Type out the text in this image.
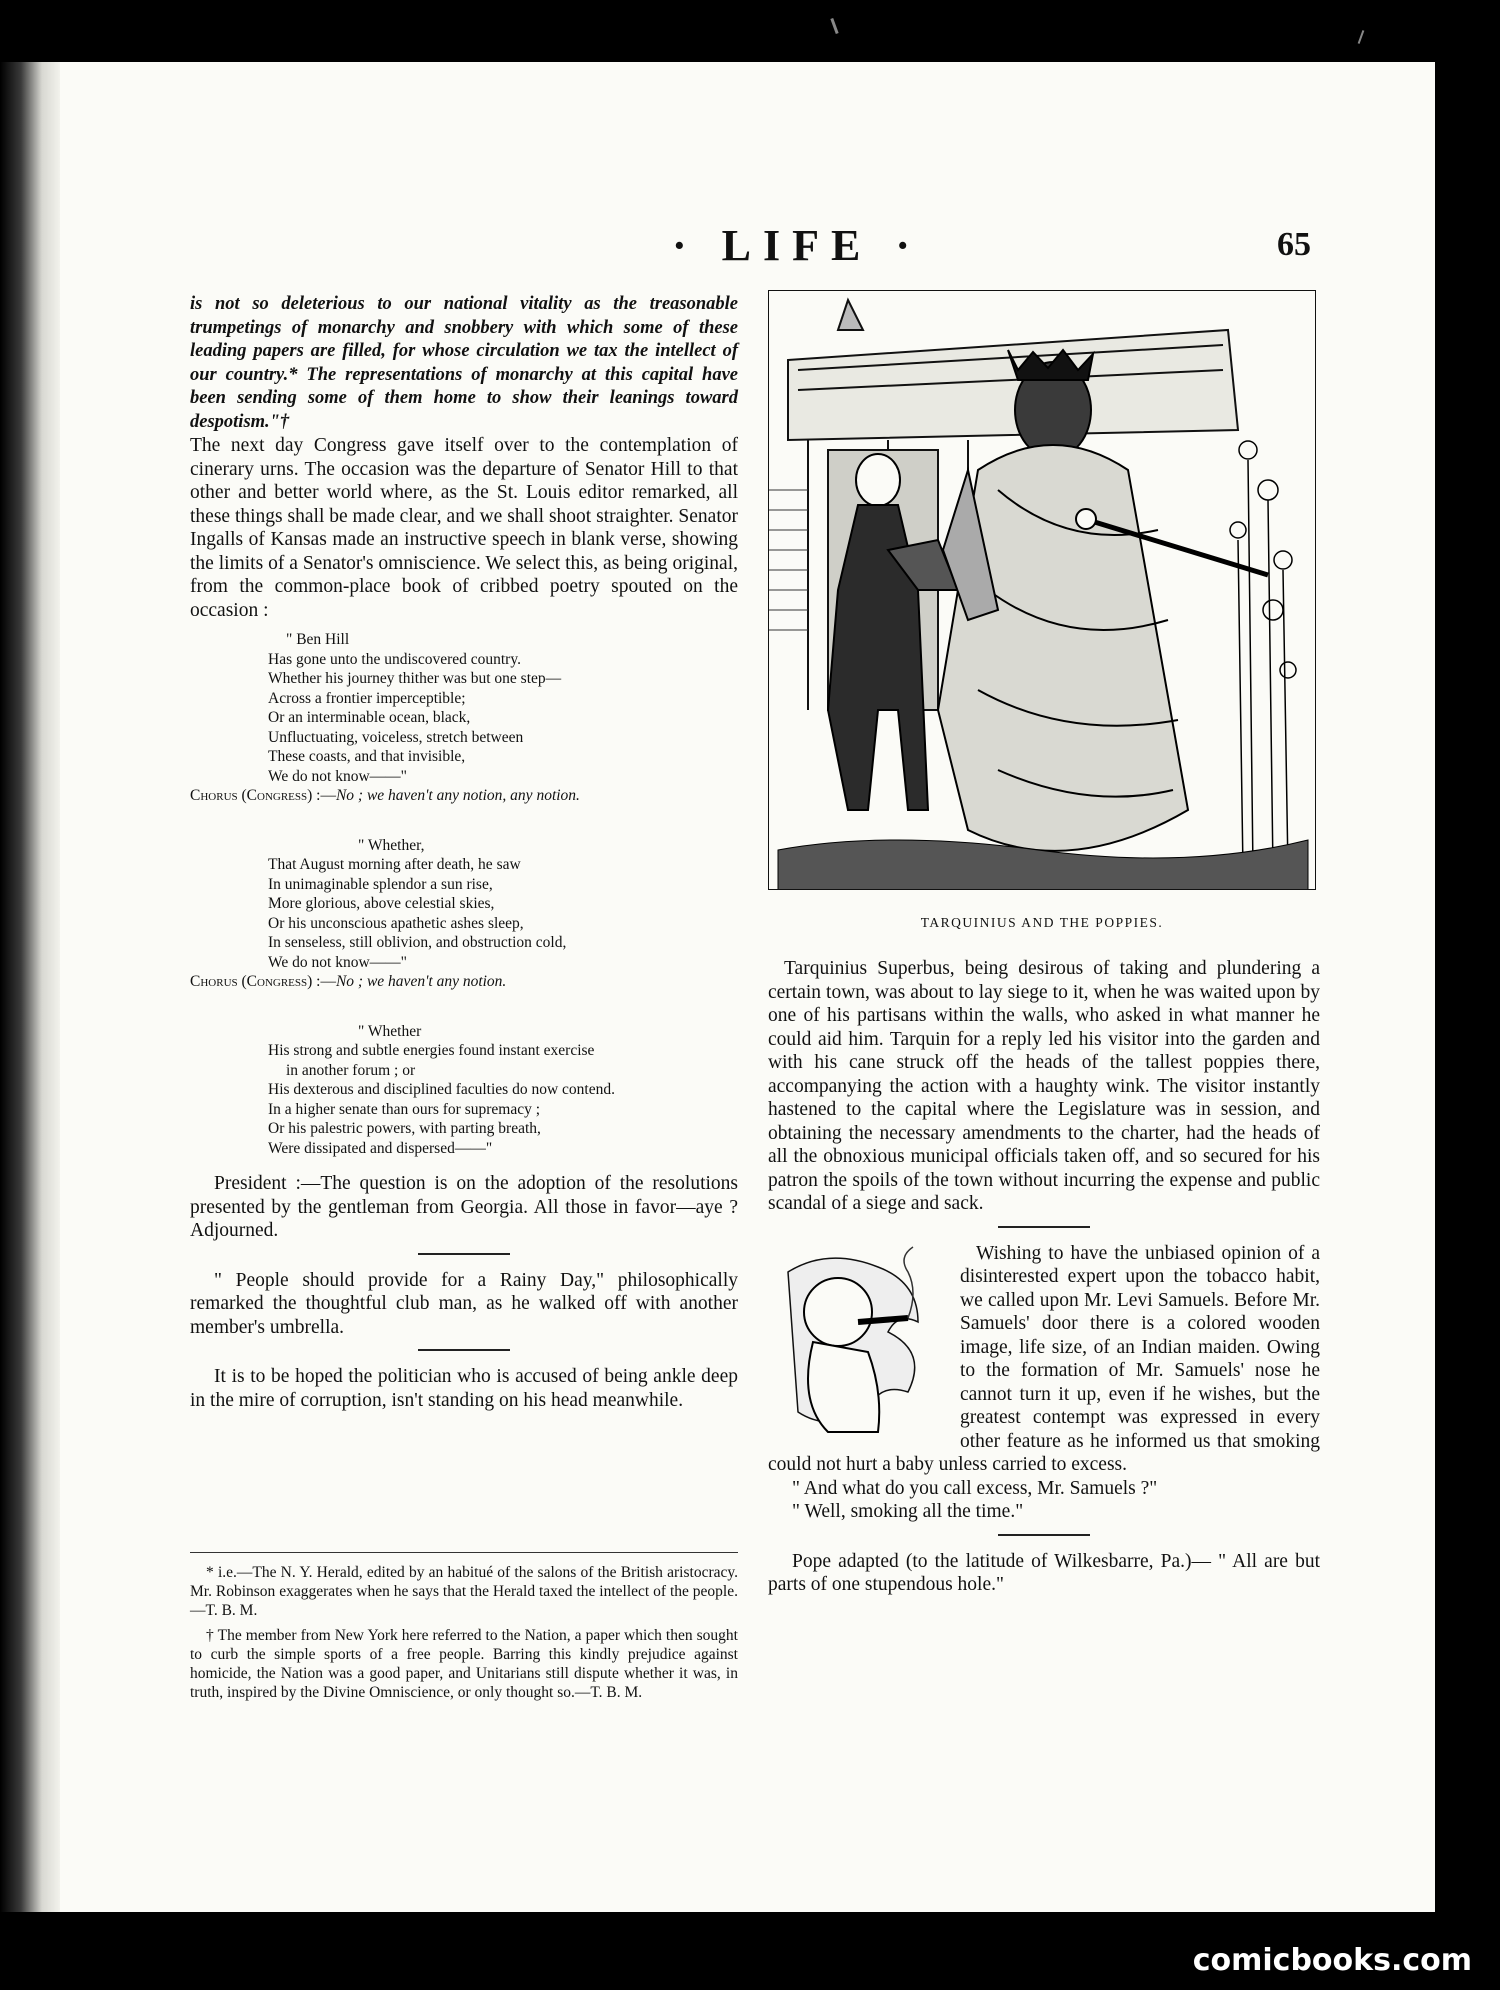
· LIFE ·	65

is not so deleterious to our national vitality as the treasonable trumpetings of monarchy and snobbery with which some of these leading papers are filled, for whose circulation we tax the intellect of our country.* The representations of monarchy at this capital have been sending some of them home to show their leanings toward despotism."†

The next day Congress gave itself over to the contemplation of cinerary urns. The occasion was the departure of Senator Hill to that other and better world where, as the St. Louis editor remarked, all these things shall be made clear, and we shall shoot straighter. Senator Ingalls of Kansas made an instructive speech in blank verse, showing the limits of a Senator's omniscience. We select this, as being original, from the common-place book of cribbed poetry spouted on the occasion :

" Ben Hill
Has gone unto the undiscovered country.
Whether his journey thither was but one step—
Across a frontier imperceptible;
Or an interminable ocean, black,
Unfluctuating, voiceless, stretch between
These coasts, and that invisible,
We do not know——"
Chorus (Congress) :—No ; we haven't any notion, any notion.
" Whether,
That August morning after death, he saw
In unimaginable splendor a sun rise,
More glorious, above celestial skies,
Or his unconscious apathetic ashes sleep,
In senseless, still oblivion, and obstruction cold,
We do not know——"
Chorus (Congress) :—No ; we haven't any notion.
" Whether
His strong and subtle energies found instant exercise
in another forum ; or
His dexterous and disciplined faculties do now contend.
In a higher senate than ours for supremacy ;
Or his palestric powers, with parting breath,
Were dissipated and dispersed——"

President :—The question is on the adoption of the resolutions presented by the gentleman from Georgia. All those in favor—aye ? Adjourned.

" People should provide for a Rainy Day," philosophically remarked the thoughtful club man, as he walked off with another member's umbrella.

It is to be hoped the politician who is accused of being ankle deep in the mire of corruption, isn't standing on his head meanwhile.

* i.e.—The N. Y. Herald, edited by an habitué of the salons of the British aristocracy. Mr. Robinson exaggerates when he says that the Herald taxed the intellect of the people.—T. B. M.

† The member from New York here referred to the Nation, a paper which then sought to curb the simple sports of a free people. Barring this kindly prejudice against homicide, the Nation was a good paper, and Unitarians still dispute whether it was, in truth, inspired by the Divine Omniscience, or only thought so.—T. B. M.

TARQUINIUS AND THE POPPIES.

Tarquinius Superbus, being desirous of taking and plundering a certain town, was about to lay siege to it, when he was waited upon by one of his partisans within the walls, who asked in what manner he could aid him. Tarquin for a reply led his visitor into the garden and with his cane struck off the heads of the tallest poppies there, accompanying the action with a haughty wink. The visitor instantly hastened to the capital where the Legislature was in session, and obtaining the necessary amendments to the charter, had the heads of all the obnoxious municipal officials taken off, and so secured for his patron the spoils of the town without incurring the expense and public scandal of a siege and sack.

Wishing to have the unbiased opinion of a disinterested expert upon the tobacco habit, we called upon Mr. Levi Samuels. Before Mr. Samuels' door there is a colored wooden image, life size, of an Indian maiden. Owing to the formation of Mr. Samuels' nose he cannot turn it up, even if he wishes, but the greatest contempt was expressed in every other feature as he informed us that smoking could not hurt a baby unless carried to excess.

" And what do you call excess, Mr. Samuels ?"

" Well, smoking all the time."

Pope adapted (to the latitude of Wilkesbarre, Pa.)— " All are but parts of one stupendous hole."

comicbooks.com
